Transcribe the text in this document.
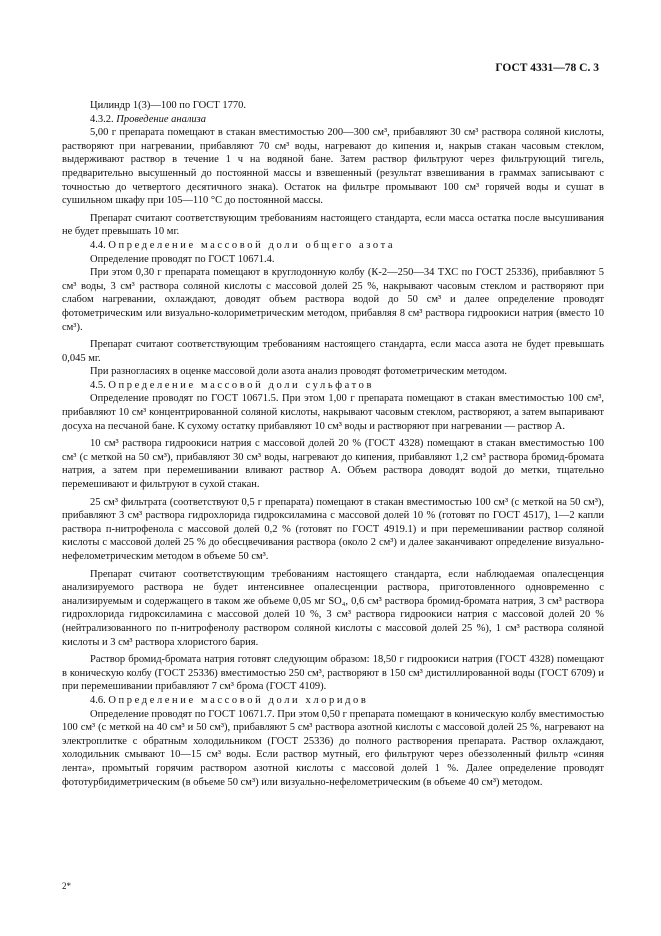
ГОСТ 4331—78 С. 3

Цилиндр 1(3)—100 по ГОСТ 1770.

4.3.2. Проведение анализа

5,00 г препарата помещают в стакан вместимостью 200—300 см³, прибавляют 30 см³ раствора соляной кислоты, растворяют при нагревании, прибавляют 70 см³ воды, нагревают до кипения и, накрыв стакан часовым стеклом, выдерживают раствор в течение 1 ч на водяной бане. Затем раствор фильтруют через фильтрующий тигель, предварительно высушенный до постоянной массы и взвешенный (результат взвешивания в граммах записывают с точностью до четвертого десятичного знака). Остаток на фильтре промывают 100 см³ горячей воды и сушат в сушильном шкафу при 105—110 °С до постоянной массы.

Препарат считают соответствующим требованиям настоящего стандарта, если масса остатка после высушивания не будет превышать 10 мг.

4.4. Определение массовой доли общего азота

Определение проводят по ГОСТ 10671.4.

При этом 0,30 г препарата помещают в круглодонную колбу (К-2—250—34 ТХС по ГОСТ 25336), прибавляют 5 см³ воды, 3 см³ раствора соляной кислоты с массовой долей 25 %, накрывают часовым стеклом и растворяют при слабом нагревании, охлаждают, доводят объем раствора водой до 50 см³ и далее определение проводят фотометрическим или визуально-колориметрическим методом, прибавляя 8 см³ раствора гидроокиси натрия (вместо 10 см³).

Препарат считают соответствующим требованиям настоящего стандарта, если масса азота не будет превышать 0,045 мг.

При разногласиях в оценке массовой доли азота анализ проводят фотометрическим методом.

4.5. Определение массовой доли сульфатов

Определение проводят по ГОСТ 10671.5. При этом 1,00 г препарата помещают в стакан вместимостью 100 см³, прибавляют 10 см³ концентрированной соляной кислоты, накрывают часовым стеклом, растворяют, а затем выпаривают досуха на песчаной бане. К сухому остатку прибавляют 10 см³ воды и растворяют при нагревании — раствор А.

10 см³ раствора гидроокиси натрия с массовой долей 20 % (ГОСТ 4328) помещают в стакан вместимостью 100 см³ (с меткой на 50 см³), прибавляют 30 см³ воды, нагревают до кипения, прибавляют 1,2 см³ раствора бромид-бромата натрия, а затем при перемешивании вливают раствор А. Объем раствора доводят водой до метки, тщательно перемешивают и фильтруют в сухой стакан.

25 см³ фильтрата (соответствуют 0,5 г препарата) помещают в стакан вместимостью 100 см³ (с меткой на 50 см³), прибавляют 3 см³ раствора гидрохлорида гидроксиламина с массовой долей 10 % (готовят по ГОСТ 4517), 1—2 капли раствора п-нитрофенола с массовой долей 0,2 % (готовят по ГОСТ 4919.1) и при перемешивании раствор соляной кислоты с массовой долей 25 % до обесцвечивания раствора (около 2 см³) и далее заканчивают определение визуально-нефелометрическим методом в объеме 50 см³.

Препарат считают соответствующим требованиям настоящего стандарта, если наблюдаемая опалесценция анализируемого раствора не будет интенсивнее опалесценции раствора, приготовленного одновременно с анализируемым и содержащего в таком же объеме 0,05 мг SO₄, 0,6 см³ раствора бромид-бромата натрия, 3 см³ раствора гидрохлорида гидроксиламина с массовой долей 10 %, 3 см³ раствора гидроокиси натрия с массовой долей 20 % (нейтрализованного по п-нитрофенолу раствором соляной кислоты с массовой долей 25 %), 1 см³ раствора соляной кислоты и 3 см³ раствора хлористого бария.

Раствор бромид-бромата натрия готовят следующим образом: 18,50 г гидроокиси натрия (ГОСТ 4328) помещают в коническую колбу (ГОСТ 25336) вместимостью 250 см³, растворяют в 150 см³ дистиллированной воды (ГОСТ 6709) и при перемешивании прибавляют 7 см³ брома (ГОСТ 4109).

4.6. Определение массовой доли хлоридов

Определение проводят по ГОСТ 10671.7. При этом 0,50 г препарата помещают в коническую колбу вместимостью 100 см³ (с меткой на 40 см³ и 50 см³), прибавляют 5 см³ раствора азотной кислоты с массовой долей 25 %, нагревают на электроплитке с обратным холодильником (ГОСТ 25336) до полного растворения препарата. Раствор охлаждают, холодильник смывают 10—15 см³ воды. Если раствор мутный, его фильтруют через обеззоленный фильтр «синяя лента», промытый горячим раствором азотной кислоты с массовой долей 1 %. Далее определение проводят фототурбидиметрическим (в объеме 50 см³) или визуально-нефелометрическим (в объеме 40 см³) методом.

2*
